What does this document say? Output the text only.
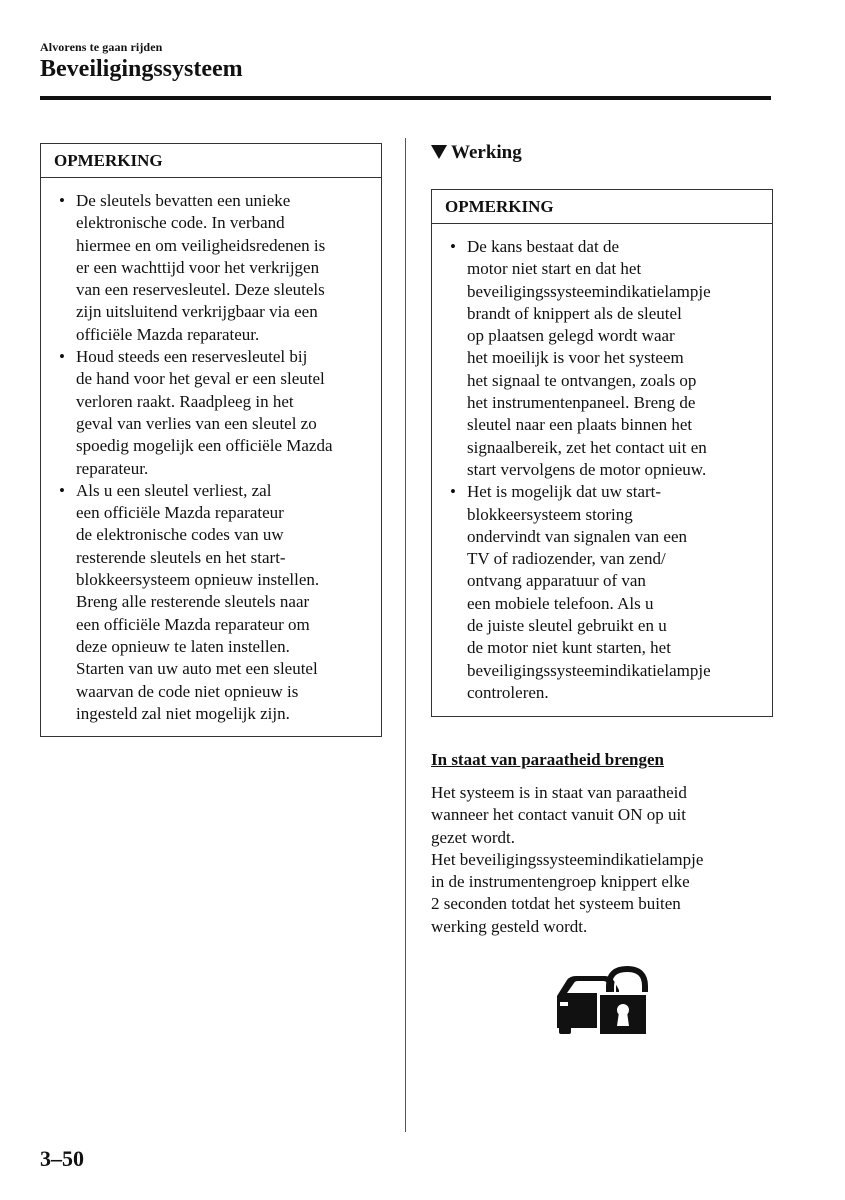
Alvorens te gaan rijden
Beveiligingssysteem
OPMERKING
• De sleutels bevatten een unieke
elektronische code. In verband
hiermee en om veiligheidsredenen is
er een wachttijd voor het verkrijgen
van een reservesleutel. Deze sleutels
zijn uitsluitend verkrijgbaar via een
officiële Mazda reparateur.
• Houd steeds een reservesleutel bij
de hand voor het geval er een sleutel
verloren raakt. Raadpleeg in het
geval van verlies van een sleutel zo
spoedig mogelijk een officiële Mazda
reparateur.
• Als u een sleutel verliest, zal
een officiële Mazda reparateur
de elektronische codes van uw
resterende sleutels en het start-
blokkeersysteem opnieuw instellen.
Breng alle resterende sleutels naar
een officiële Mazda reparateur om
deze opnieuw te laten instellen.
Starten van uw auto met een sleutel
waarvan de code niet opnieuw is
ingesteld zal niet mogelijk zijn.
Werking
OPMERKING
• De kans bestaat dat de
motor niet start en dat het
beveiligingssysteemindikatielampje
brandt of knippert als de sleutel
op plaatsen gelegd wordt waar
het moeilijk is voor het systeem
het signaal te ontvangen, zoals op
het instrumentenpaneel. Breng de
sleutel naar een plaats binnen het
signaalbereik, zet het contact uit en
start vervolgens de motor opnieuw.
• Het is mogelijk dat uw start-
blokkeersysteem storing
ondervindt van signalen van een
TV of radiozender, van zend/
ontvang apparatuur of van
een mobiele telefoon. Als u
de juiste sleutel gebruikt en u
de motor niet kunt starten, het
beveiligingssysteemindikatielampje
controleren.
In staat van paraatheid brengen
Het systeem is in staat van paraatheid
wanneer het contact vanuit ON op uit
gezet wordt.
Het beveiligingssysteemindikatielampje
in de instrumentengroep knippert elke
2 seconden totdat het systeem buiten
werking gesteld wordt.
3–50
